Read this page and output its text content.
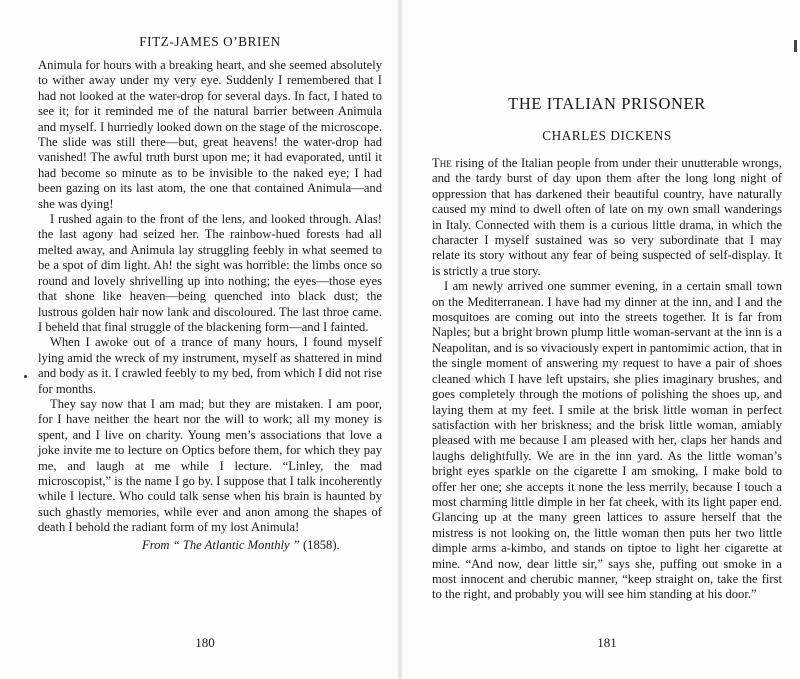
FITZ-JAMES O’BRIEN

Animula for hours with a breaking heart, and she seemed absolutely to wither away under my very eye. Suddenly I remembered that I had not looked at the water-drop for several days. In fact, I hated to see it; for it reminded me of the natural barrier between Animula and myself. I hurriedly looked down on the stage of the microscope. The slide was still there—but, great heavens! the water-drop had vanished! The awful truth burst upon me; it had evaporated, until it had become so minute as to be invisible to the naked eye; I had been gazing on its last atom, the one that contained Animula—and she was dying!

I rushed again to the front of the lens, and looked through. Alas! the last agony had seized her. The rainbow-hued forests had all melted away, and Animula lay struggling feebly in what seemed to be a spot of dim light. Ah! the sight was horrible: the limbs once so round and lovely shrivelling up into nothing; the eyes—those eyes that shone like heaven—being quenched into black dust; the lustrous golden hair now lank and discoloured. The last throe came. I beheld that final struggle of the blackening form—and I fainted.

When I awoke out of a trance of many hours, I found myself lying amid the wreck of my instrument, myself as shattered in mind and body as it. I crawled feebly to my bed, from which I did not rise for months.

They say now that I am mad; but they are mistaken. I am poor, for I have neither the heart nor the will to work; all my money is spent, and I live on charity. Young men’s associations that love a joke invite me to lecture on Optics before them, for which they pay me, and laugh at me while I lecture. “Linley, the mad microscopist,” is the name I go by. I suppose that I talk incoherently while I lecture. Who could talk sense when his brain is haunted by such ghastly memories, while ever and anon among the shapes of death I behold the radiant form of my lost Animula!

From “ The Atlantic Monthly ” (1858).
180
THE ITALIAN PRISONER
CHARLES DICKENS

The rising of the Italian people from under their unutterable wrongs, and the tardy burst of day upon them after the long long night of oppression that has darkened their beautiful country, have naturally caused my mind to dwell often of late on my own small wanderings in Italy. Connected with them is a curious little drama, in which the character I myself sustained was so very subordinate that I may relate its story without any fear of being suspected of self-display. It is strictly a true story.

I am newly arrived one summer evening, in a certain small town on the Mediterranean. I have had my dinner at the inn, and I and the mosquitoes are coming out into the streets together. It is far from Naples; but a bright brown plump little woman-servant at the inn is a Neapolitan, and is so vivaciously expert in pantomimic action, that in the single moment of answering my request to have a pair of shoes cleaned which I have left upstairs, she plies imaginary brushes, and goes completely through the motions of polishing the shoes up, and laying them at my feet. I smile at the brisk little woman in perfect satisfaction with her briskness; and the brisk little woman, amiably pleased with me because I am pleased with her, claps her hands and laughs delightfully. We are in the inn yard. As the little woman’s bright eyes sparkle on the cigarette I am smoking, I make bold to offer her one; she accepts it none the less merrily, because I touch a most charming little dimple in her fat cheek, with its light paper end. Glancing up at the many green lattices to assure herself that the mistress is not looking on, the little woman then puts her two little dimple arms a-kimbo, and stands on tiptoe to light her cigarette at mine. “And now, dear little sir,” says she, puffing out smoke in a most innocent and cherubic manner, “keep straight on, take the first to the right, and probably you will see him standing at his door.”

181
